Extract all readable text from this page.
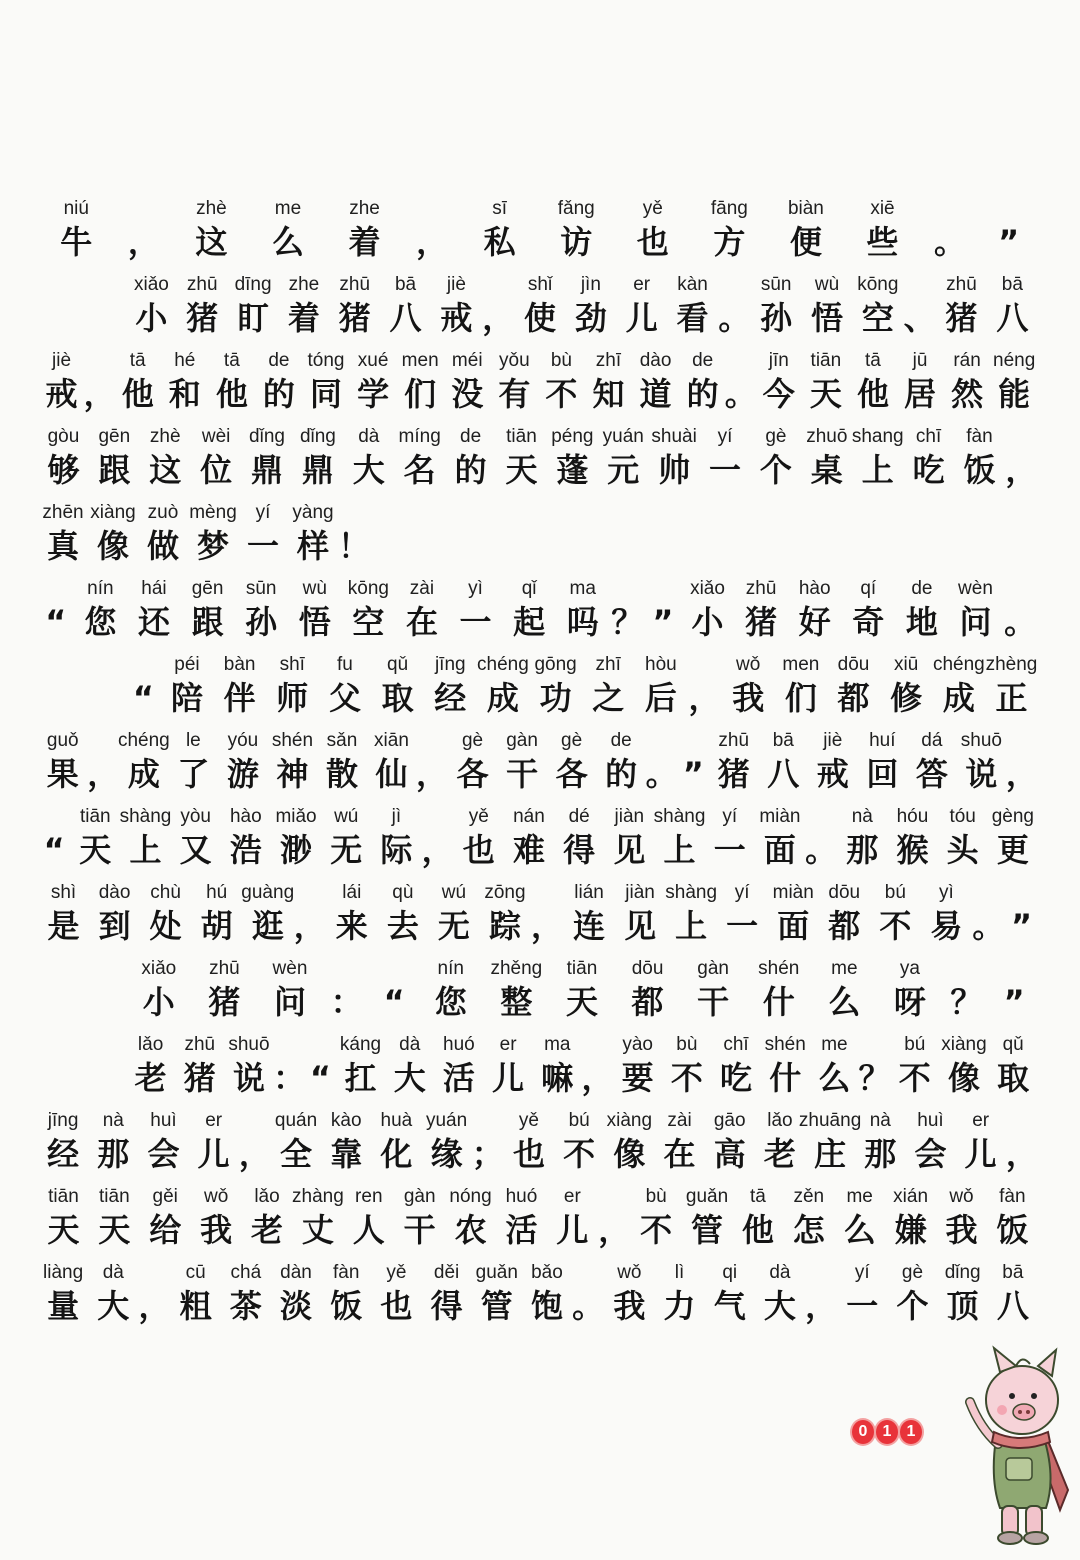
niú
牛 ，
zhè
这
me
么
zhe
着 ，
sī
私
fǎng
访
yě
也
fāng
方
biàn
便
xiē
些 。 ”
xiǎo
小
zhū
猪
dīng
盯
zhe
着
zhū
猪
bā
八
jiè
戒 ，
shǐ
使
jìn
劲
er
儿
kàn
看 。
sūn
孙
wù
悟
kōng
空 、
zhū
猪
bā
八
jiè
戒 ，
tā
他
hé
和
tā
他
de
的
tóng
同
xué
学
men
们
méi
没
yǒu
有
bù
不
zhī
知
dào
道
de
的 。
jīn
今
tiān
天
tā
他
jū
居
rán
然
néng
能
gòu
够
gēn
跟
zhè
这
wèi
位
dǐng
鼎
dǐng
鼎
dà
大
míng
名
de
的
tiān
天
péng
蓬
yuán
元
shuài
帅
yí
一
gè
个
zhuō
桌
shang
上
chī
吃
fàn
饭 ，
zhēn
真
xiàng
像
zuò
做
mèng
梦
yí
一
yàng
样 ！
“
nín
您
hái
还
gēn
跟
sūn
孙
wù
悟
kōng
空
zài
在
yì
一
qǐ
起
ma
吗 ？ ”
xiǎo
小
zhū
猪
hào
好
qí
奇
de
地
wèn
问 。
“
péi
陪
bàn
伴
shī
师
fu
父
qǔ
取
jīng
经
chéng
成
gōng
功
zhī
之
hòu
后 ，
wǒ
我
men
们
dōu
都
xiū
修
chéng
成
zhèng
正
guǒ
果 ，
chéng
成
le
了
yóu
游
shén
神
sǎn
散
xiān
仙 ，
gè
各
gàn
干
gè
各
de
的 。 ”
zhū
猪
bā
八
jiè
戒
huí
回
dá
答
shuō
说 ，
“
tiān
天
shàng
上
yòu
又
hào
浩
miǎo
渺
wú
无
jì
际 ，
yě
也
nán
难
dé
得
jiàn
见
shàng
上
yí
一
miàn
面 。
nà
那
hóu
猴
tóu
头
gèng
更
shì
是
dào
到
chù
处
hú
胡
guàng
逛 ，
lái
来
qù
去
wú
无
zōng
踪 ，
lián
连
jiàn
见
shàng
上
yí
一
miàn
面
dōu
都
bú
不
yì
易 。 ”
xiǎo
小
zhū
猪
wèn
问 ： “
nín
您
zhěng
整
tiān
天
dōu
都
gàn
干
shén
什
me
么
ya
呀 ？ ”
lǎo
老
zhū
猪
shuō
说 ： “
káng
扛
dà
大
huó
活
er
儿
ma
嘛 ，
yào
要
bù
不
chī
吃
shén
什
me
么 ？
bú
不
xiàng
像
qǔ
取
jīng
经
nà
那
huì
会
er
儿 ，
quán
全
kào
靠
huà
化
yuán
缘 ；
yě
也
bú
不
xiàng
像
zài
在
gāo
高
lǎo
老
zhuāng
庄
nà
那
huì
会
er
儿 ，
tiān
天
tiān
天
gěi
给
wǒ
我
lǎo
老
zhàng
丈
ren
人
gàn
干
nóng
农
huó
活
er
儿 ，
bù
不
guǎn
管
tā
他
zěn
怎
me
么
xián
嫌
wǒ
我
fàn
饭
liàng
量
dà
大 ，
cū
粗
chá
茶
dàn
淡
fàn
饭
yě
也
děi
得
guǎn
管
bǎo
饱 。
wǒ
我
lì
力
qi
气
dà
大 ，
yí
一
gè
个
dǐng
顶
bā
八
0 1 1
